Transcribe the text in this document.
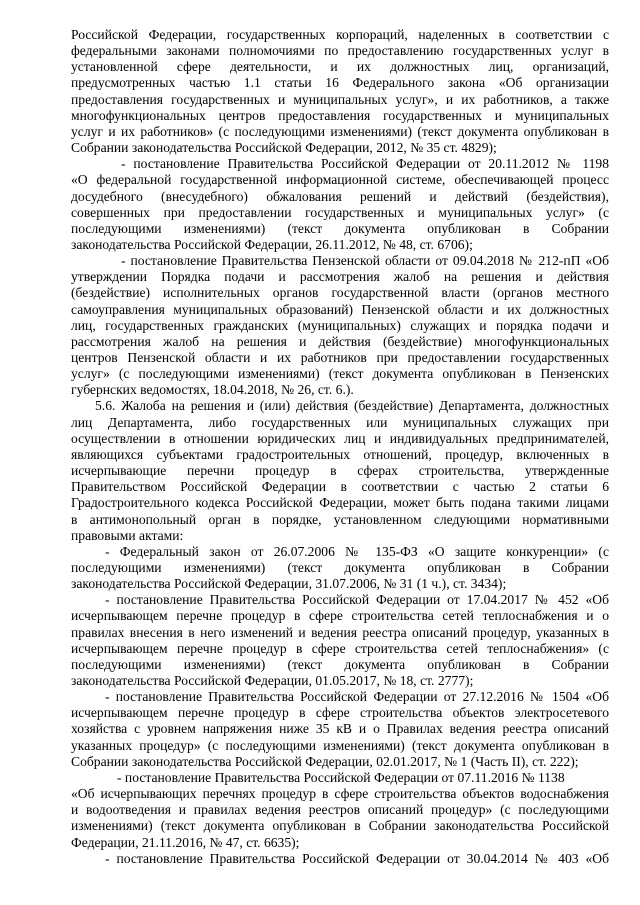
Российской Федерации, государственных корпораций, наделенных в соответствии с
федеральными законами полномочиями по предоставлению государственных услуг в
установленной сфере деятельности, и их должностных лиц, организаций,
предусмотренных частью 1.1 статьи 16 Федерального закона «Об организации
предоставления государственных и муниципальных услуг», и их работников, а также
многофункциональных центров предоставления государственных и муниципальных
услуг и их работников» (с последующими изменениями) (текст документа опубликован в
Собрании законодательства Российской Федерации, 2012, № 35 ст. 4829);
- постановление Правительства Российской Федерации от 20.11.2012 № 1198
«О федеральной государственной информационной системе, обеспечивающей процесс
досудебного (внесудебного) обжалования решений и действий (бездействия),
совершенных при предоставлении государственных и муниципальных услуг» (с
последующими изменениями) (текст документа опубликован в Собрании
законодательства Российской Федерации, 26.11.2012, № 48, ст. 6706);
- постановление Правительства Пензенской области от 09.04.2018 № 212-пП «Об
утверждении Порядка подачи и рассмотрения жалоб на решения и действия
(бездействие) исполнительных органов государственной власти (органов местного
самоуправления муниципальных образований) Пензенской области и их должностных
лиц, государственных гражданских (муниципальных) служащих и порядка подачи и
рассмотрения жалоб на решения и действия (бездействие) многофункциональных
центров Пензенской области и их работников при предоставлении государственных
услуг» (с последующими изменениями) (текст документа опубликован в Пензенских
губернских ведомостях, 18.04.2018, № 26, ст. 6.).
5.6. Жалоба на решения и (или) действия (бездействие) Департамента, должностных
лиц Департамента, либо государственных или муниципальных служащих при
осуществлении в отношении юридических лиц и индивидуальных предпринимателей,
являющихся субъектами градостроительных отношений, процедур, включенных в
исчерпывающие перечни процедур в сферах строительства, утвержденные
Правительством Российской Федерации в соответствии с частью 2 статьи 6
Градостроительного кодекса Российской Федерации, может быть подана такими лицами
в антимонопольный орган в порядке, установленном следующими нормативными
правовыми актами:
- Федеральный закон от 26.07.2006 № 135-ФЗ «О защите конкуренции» (с
последующими изменениями) (текст документа опубликован в Собрании
законодательства Российской Федерации, 31.07.2006, № 31 (1 ч.), ст. 3434);
- постановление Правительства Российской Федерации от 17.04.2017 № 452 «Об
исчерпывающем перечне процедур в сфере строительства сетей теплоснабжения и о
правилах внесения в него изменений и ведения реестра описаний процедур, указанных в
исчерпывающем перечне процедур в сфере строительства сетей теплоснабжения» (с
последующими изменениями) (текст документа опубликован в Собрании
законодательства Российской Федерации, 01.05.2017, № 18, ст. 2777);
- постановление Правительства Российской Федерации от 27.12.2016 № 1504 «Об
исчерпывающем перечне процедур в сфере строительства объектов электросетевого
хозяйства с уровнем напряжения ниже 35 кВ и о Правилах ведения реестра описаний
указанных процедур» (с последующими изменениями) (текст документа опубликован в
Собрании законодательства Российской Федерации, 02.01.2017, № 1 (Часть II), ст. 222);
- постановление Правительства Российской Федерации от 07.11.2016 № 1138
«Об исчерпывающих перечнях процедур в сфере строительства объектов водоснабжения
и водоотведения и правилах ведения реестров описаний процедур» (с последующими
изменениями) (текст документа опубликован в Собрании законодательства Российской
Федерации, 21.11.2016, № 47, ст. 6635);
- постановление Правительства Российской Федерации от 30.04.2014 № 403 «Об
